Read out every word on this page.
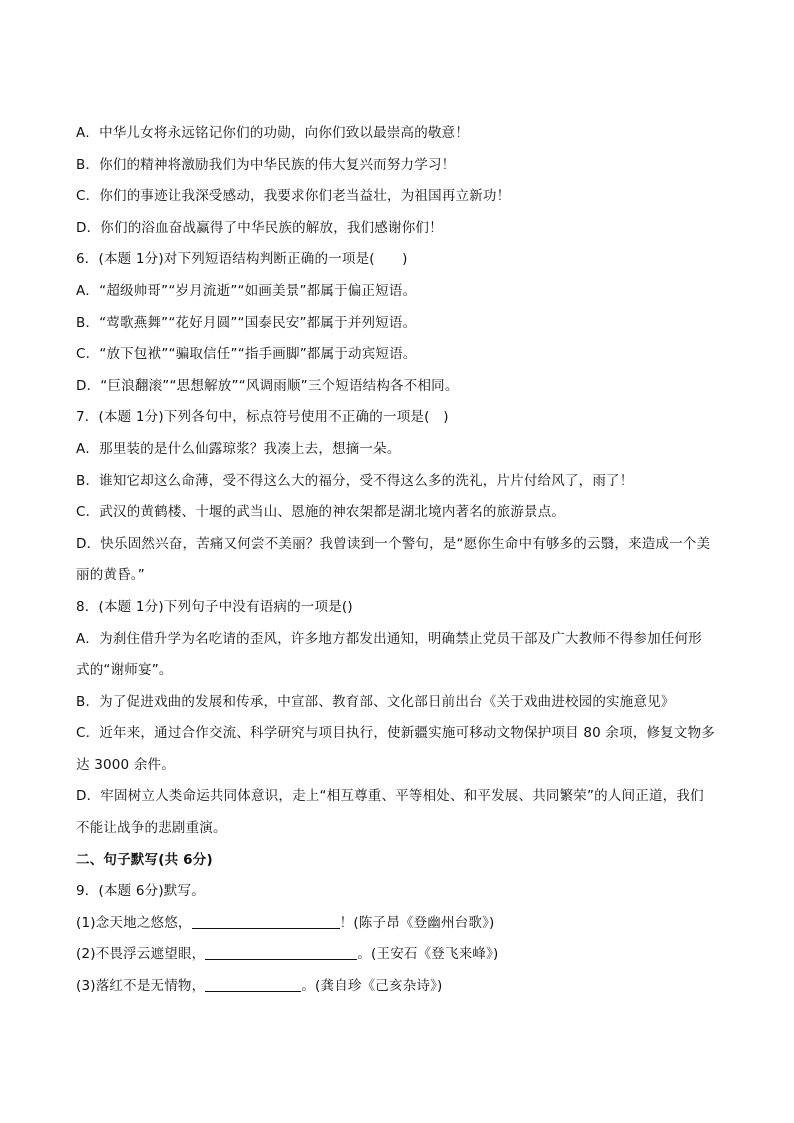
A．中华儿女将永远铭记你们的功勋，向你们致以最崇高的敬意！
B．你们的精神将激励我们为中华民族的伟大复兴而努力学习！
C．你们的事迹让我深受感动，我要求你们老当益壮，为祖国再立新功！
D．你们的浴血奋战赢得了中华民族的解放，我们感谢你们！
6．(本题 1分)对下列短语结构判断正确的一项是(　　)
A．“超级帅哥”“岁月流逝”“如画美景”都属于偏正短语。
B．“莺歌燕舞”“花好月圆”“国泰民安”都属于并列短语。
C．“放下包袱”“骗取信任”“指手画脚”都属于动宾短语。
D．“巨浪翻滚”“思想解放”“风调雨顺”三个短语结构各不相同。
7．(本题 1分)下列各句中，标点符号使用不正确的一项是(　)
A．那里装的是什么仙露琼浆？我凑上去，想摘一朵。
B．谁知它却这么命薄，受不得这么大的福分，受不得这么多的洗礼，片片付给风了，雨了！
C．武汉的黄鹤楼、十堰的武当山、恩施的神农架都是湖北境内著名的旅游景点。
D．快乐固然兴奋，苦痛又何尝不美丽？我曾读到一个警句，是“愿你生命中有够多的云翳，来造成一个美
丽的黄昏。”
8．(本题 1分)下列句子中没有语病的一项是()
A．为刹住借升学为名吃请的歪风，许多地方都发出通知，明确禁止党员干部及广大教师不得参加任何形
式的“谢师宴”。
B．为了促进戏曲的发展和传承，中宣部、教育部、文化部日前出台《关于戏曲进校园的实施意见》
C．近年来，通过合作交流、科学研究与项目执行，使新疆实施可移动文物保护项目 80 余项，修复文物多
达 3000 余件。
D．牢固树立人类命运共同体意识，走上“相互尊重、平等相处、和平发展、共同繁荣”的人间正道，我们
不能让战争的悲剧重演。
二、句子默写(共 6分)
9．(本题 6分)默写。
(1)念天地之悠悠，	！(陈子昂《登幽州台歌》)
(2)不畏浮云遮望眼，	。(王安石《登飞来峰》)
(3)落红不是无情物，	。(龚自珍《己亥杂诗》)
